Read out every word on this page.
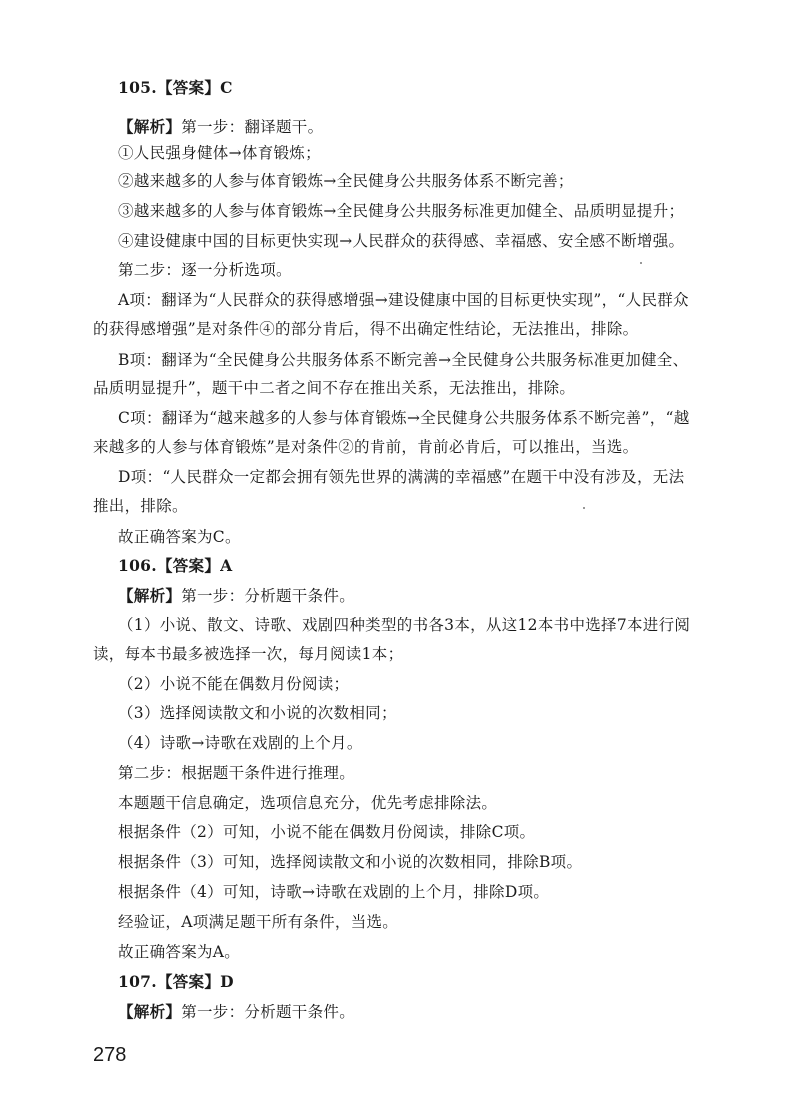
105.【答案】C
【解析】第一步：翻译题干。
①人民强身健体→体育锻炼；
②越来越多的人参与体育锻炼→全民健身公共服务体系不断完善；
③越来越多的人参与体育锻炼→全民健身公共服务标准更加健全、品质明显提升；
④建设健康中国的目标更快实现→人民群众的获得感、幸福感、安全感不断增强。
第二步：逐一分析选项。
A项：翻译为“人民群众的获得感增强→建设健康中国的目标更快实现”，“人民群众
的获得感增强”是对条件④的部分肯后，得不出确定性结论，无法推出，排除。
B项：翻译为“全民健身公共服务体系不断完善→全民健身公共服务标准更加健全、
品质明显提升”，题干中二者之间不存在推出关系，无法推出，排除。
C项：翻译为“越来越多的人参与体育锻炼→全民健身公共服务体系不断完善”，“越
来越多的人参与体育锻炼”是对条件②的肯前，肯前必肯后，可以推出，当选。
D项：“人民群众一定都会拥有领先世界的满满的幸福感”在题干中没有涉及，无法
推出，排除。
故正确答案为C。
106.【答案】A
【解析】第一步：分析题干条件。
（1）小说、散文、诗歌、戏剧四种类型的书各3本，从这12本书中选择7本进行阅
读，每本书最多被选择一次，每月阅读1本；
（2）小说不能在偶数月份阅读；
（3）选择阅读散文和小说的次数相同；
（4）诗歌→诗歌在戏剧的上个月。
第二步：根据题干条件进行推理。
本题题干信息确定，选项信息充分，优先考虑排除法。
根据条件（2）可知，小说不能在偶数月份阅读，排除C项。
根据条件（3）可知，选择阅读散文和小说的次数相同，排除B项。
根据条件（4）可知，诗歌→诗歌在戏剧的上个月，排除D项。
经验证，A项满足题干所有条件，当选。
故正确答案为A。
107.【答案】D
【解析】第一步：分析题干条件。
278
